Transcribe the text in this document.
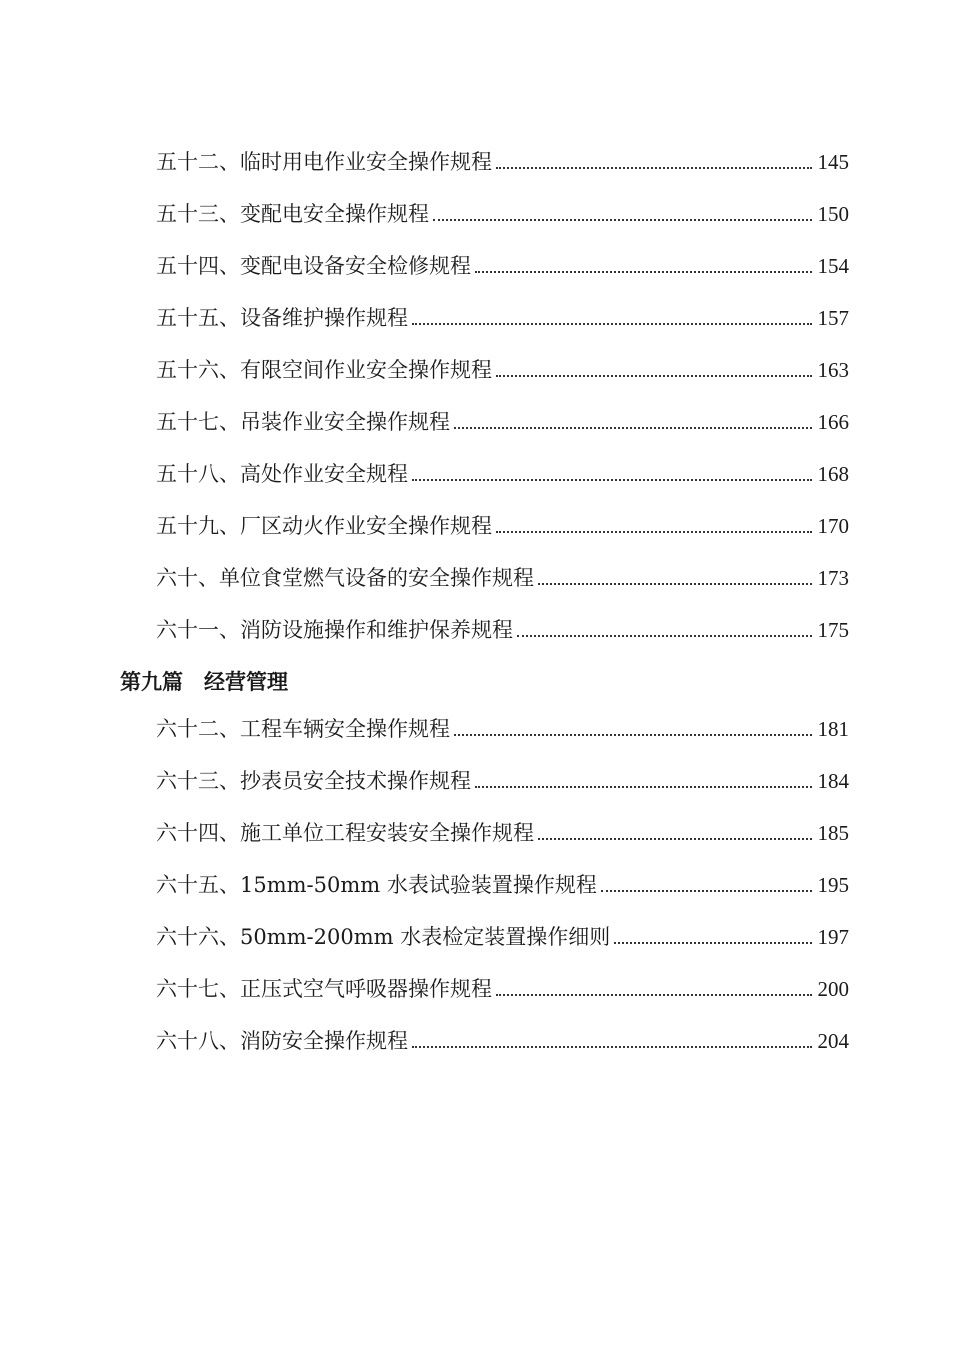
五十二、临时用电作业安全操作规程	145
五十三、变配电安全操作规程	150
五十四、变配电设备安全检修规程	154
五十五、设备维护操作规程	157
五十六、有限空间作业安全操作规程	163
五十七、吊装作业安全操作规程	166
五十八、高处作业安全规程	168
五十九、厂区动火作业安全操作规程	170
六十、单位食堂燃气设备的安全操作规程	173
六十一、消防设施操作和维护保养规程	175
第九篇　经营管理
六十二、工程车辆安全操作规程	181
六十三、抄表员安全技术操作规程	184
六十四、施工单位工程安装安全操作规程	185
六十五、15mm-50mm 水表试验装置操作规程	195
六十六、50mm-200mm 水表检定装置操作细则	197
六十七、正压式空气呼吸器操作规程	200
六十八、消防安全操作规程	204
